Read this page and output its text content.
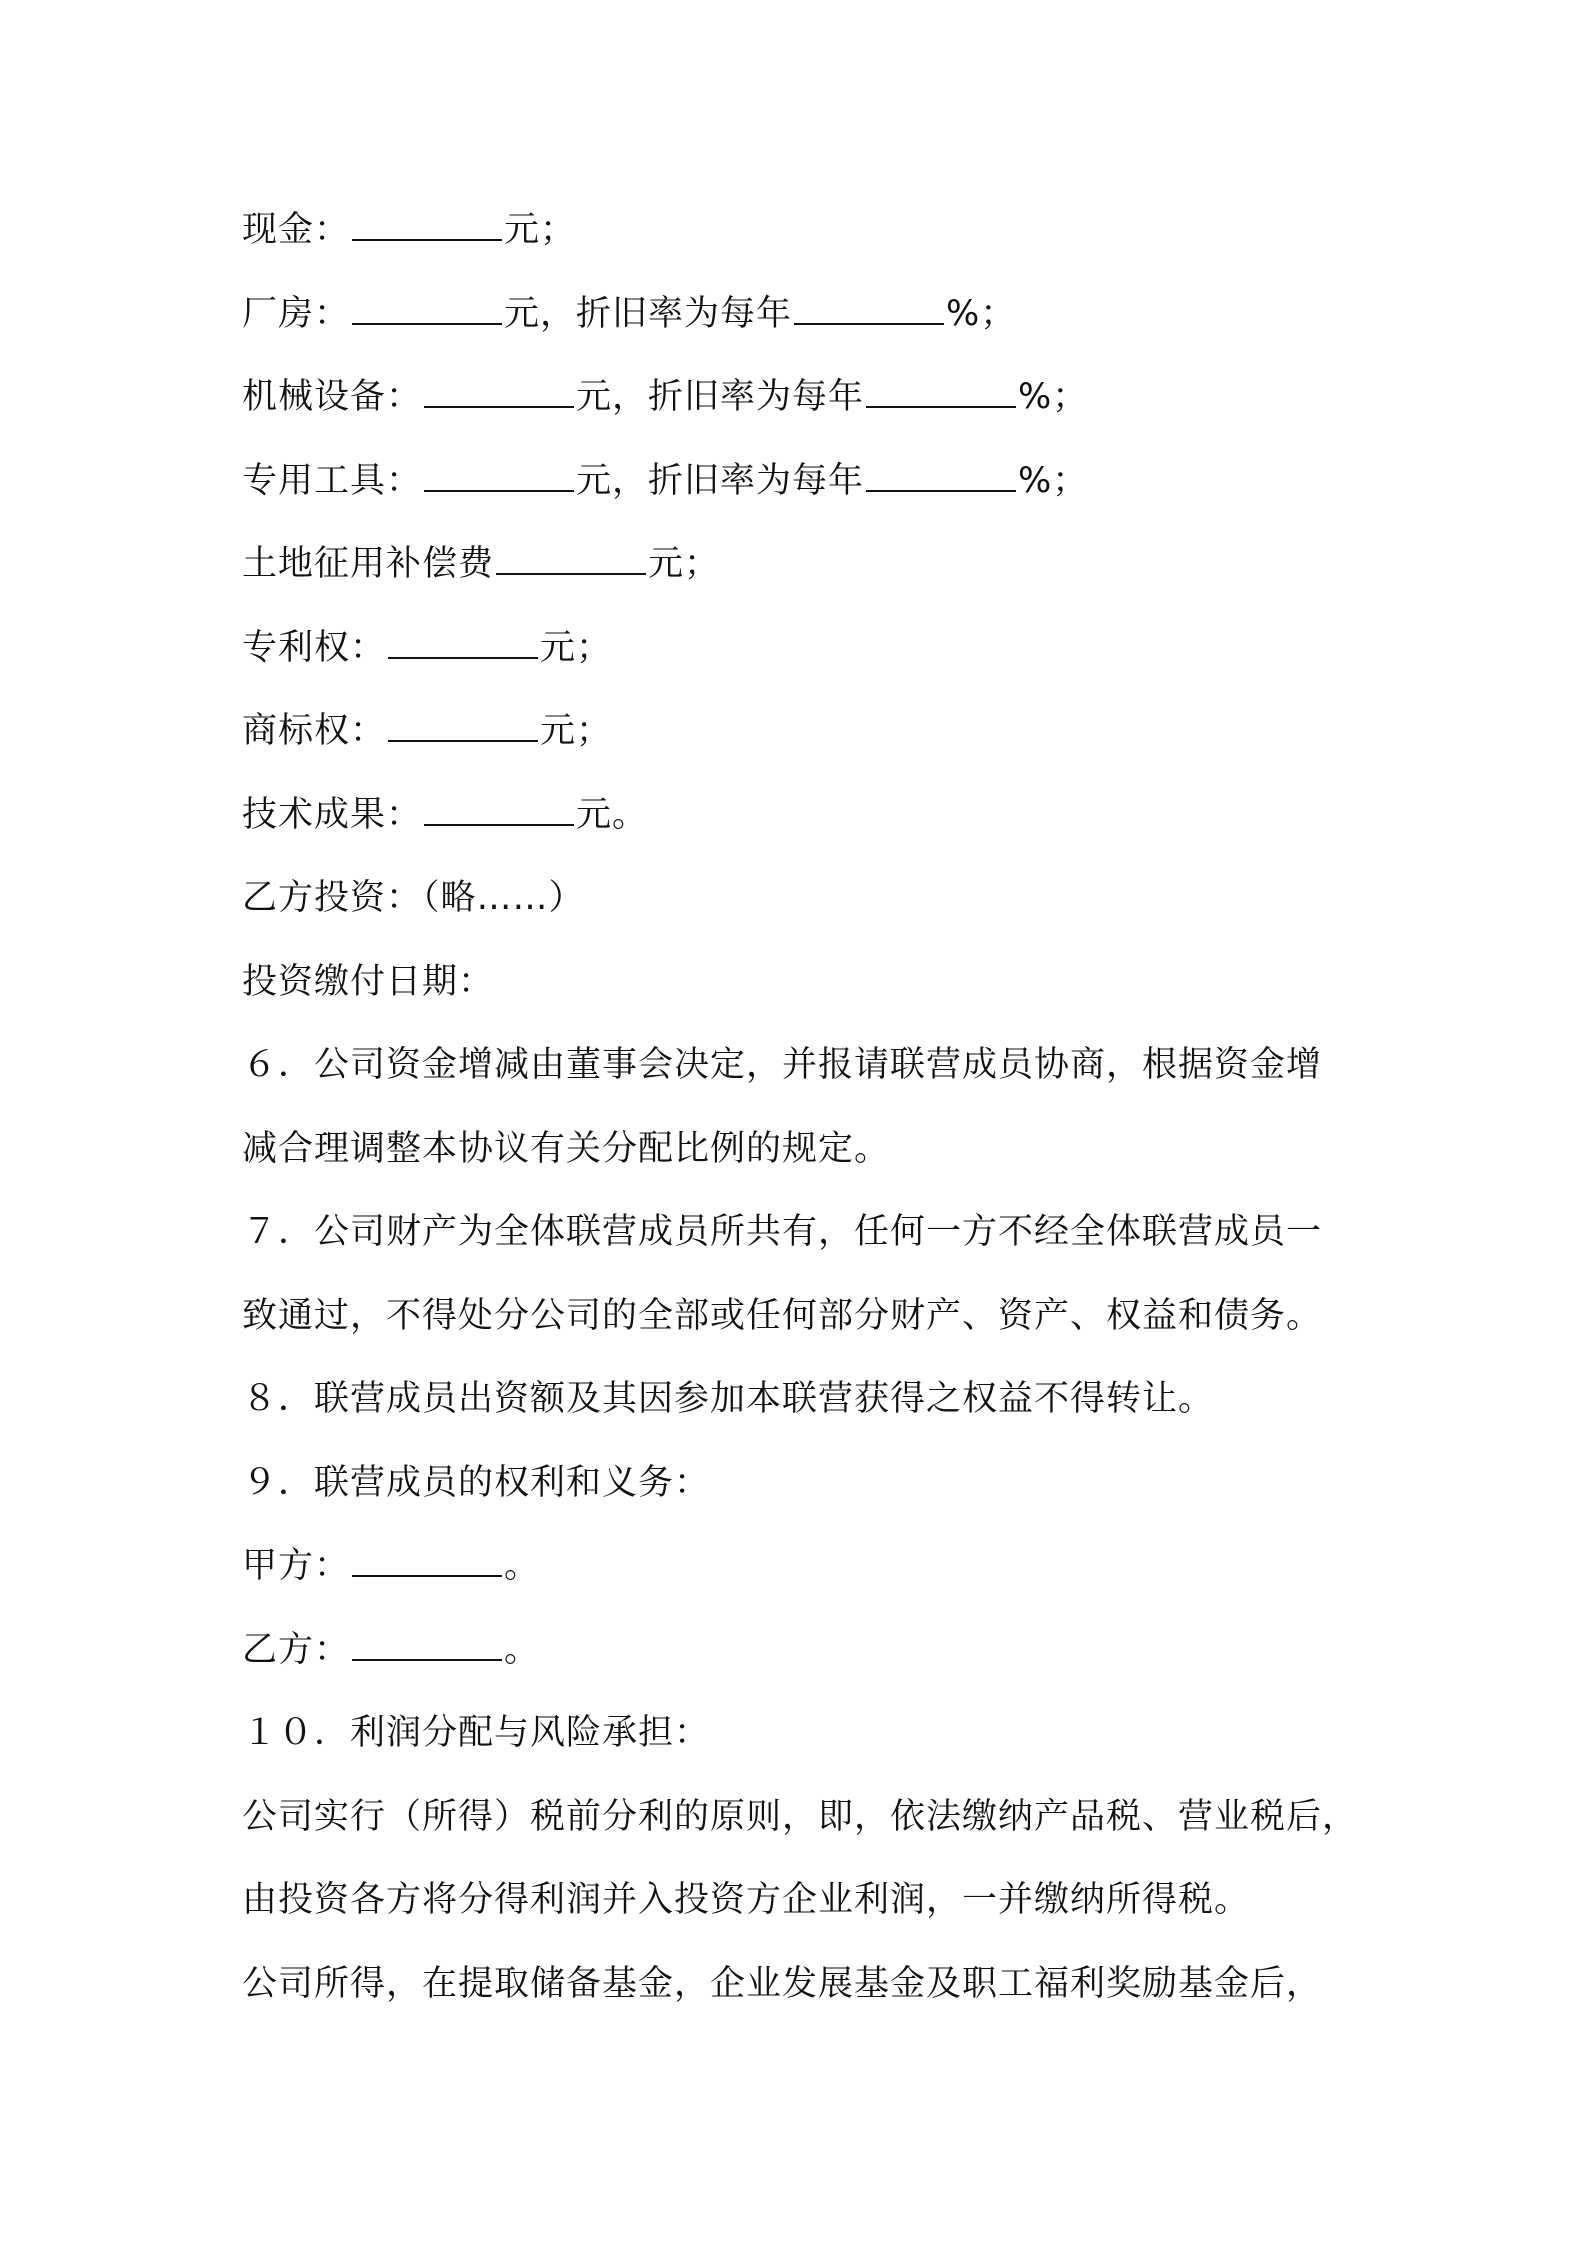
现金：	元；
厂房：	元，折旧率为每年	%；
机械设备：	元，折旧率为每年	%；
专用工具：	元，折旧率为每年	%；
土地征用补偿费	元；
专利权：	元；
商标权：	元；
技术成果：	元。
乙方投资：（略……）
投资缴付日期：
６．公司资金增减由董事会决定，并报请联营成员协商，根据资金增
减合理调整本协议有关分配比例的规定。
７．公司财产为全体联营成员所共有，任何一方不经全体联营成员一
致通过，不得处分公司的全部或任何部分财产、资产、权益和债务。
８．联营成员出资额及其因参加本联营获得之权益不得转让。
９．联营成员的权利和义务：
甲方：	。
乙方：	。
１０．利润分配与风险承担：
公司实行（所得）税前分利的原则，即，依法缴纳产品税、营业税后，
由投资各方将分得利润并入投资方企业利润，一并缴纳所得税。
公司所得，在提取储备基金，企业发展基金及职工福利奖励基金后，
